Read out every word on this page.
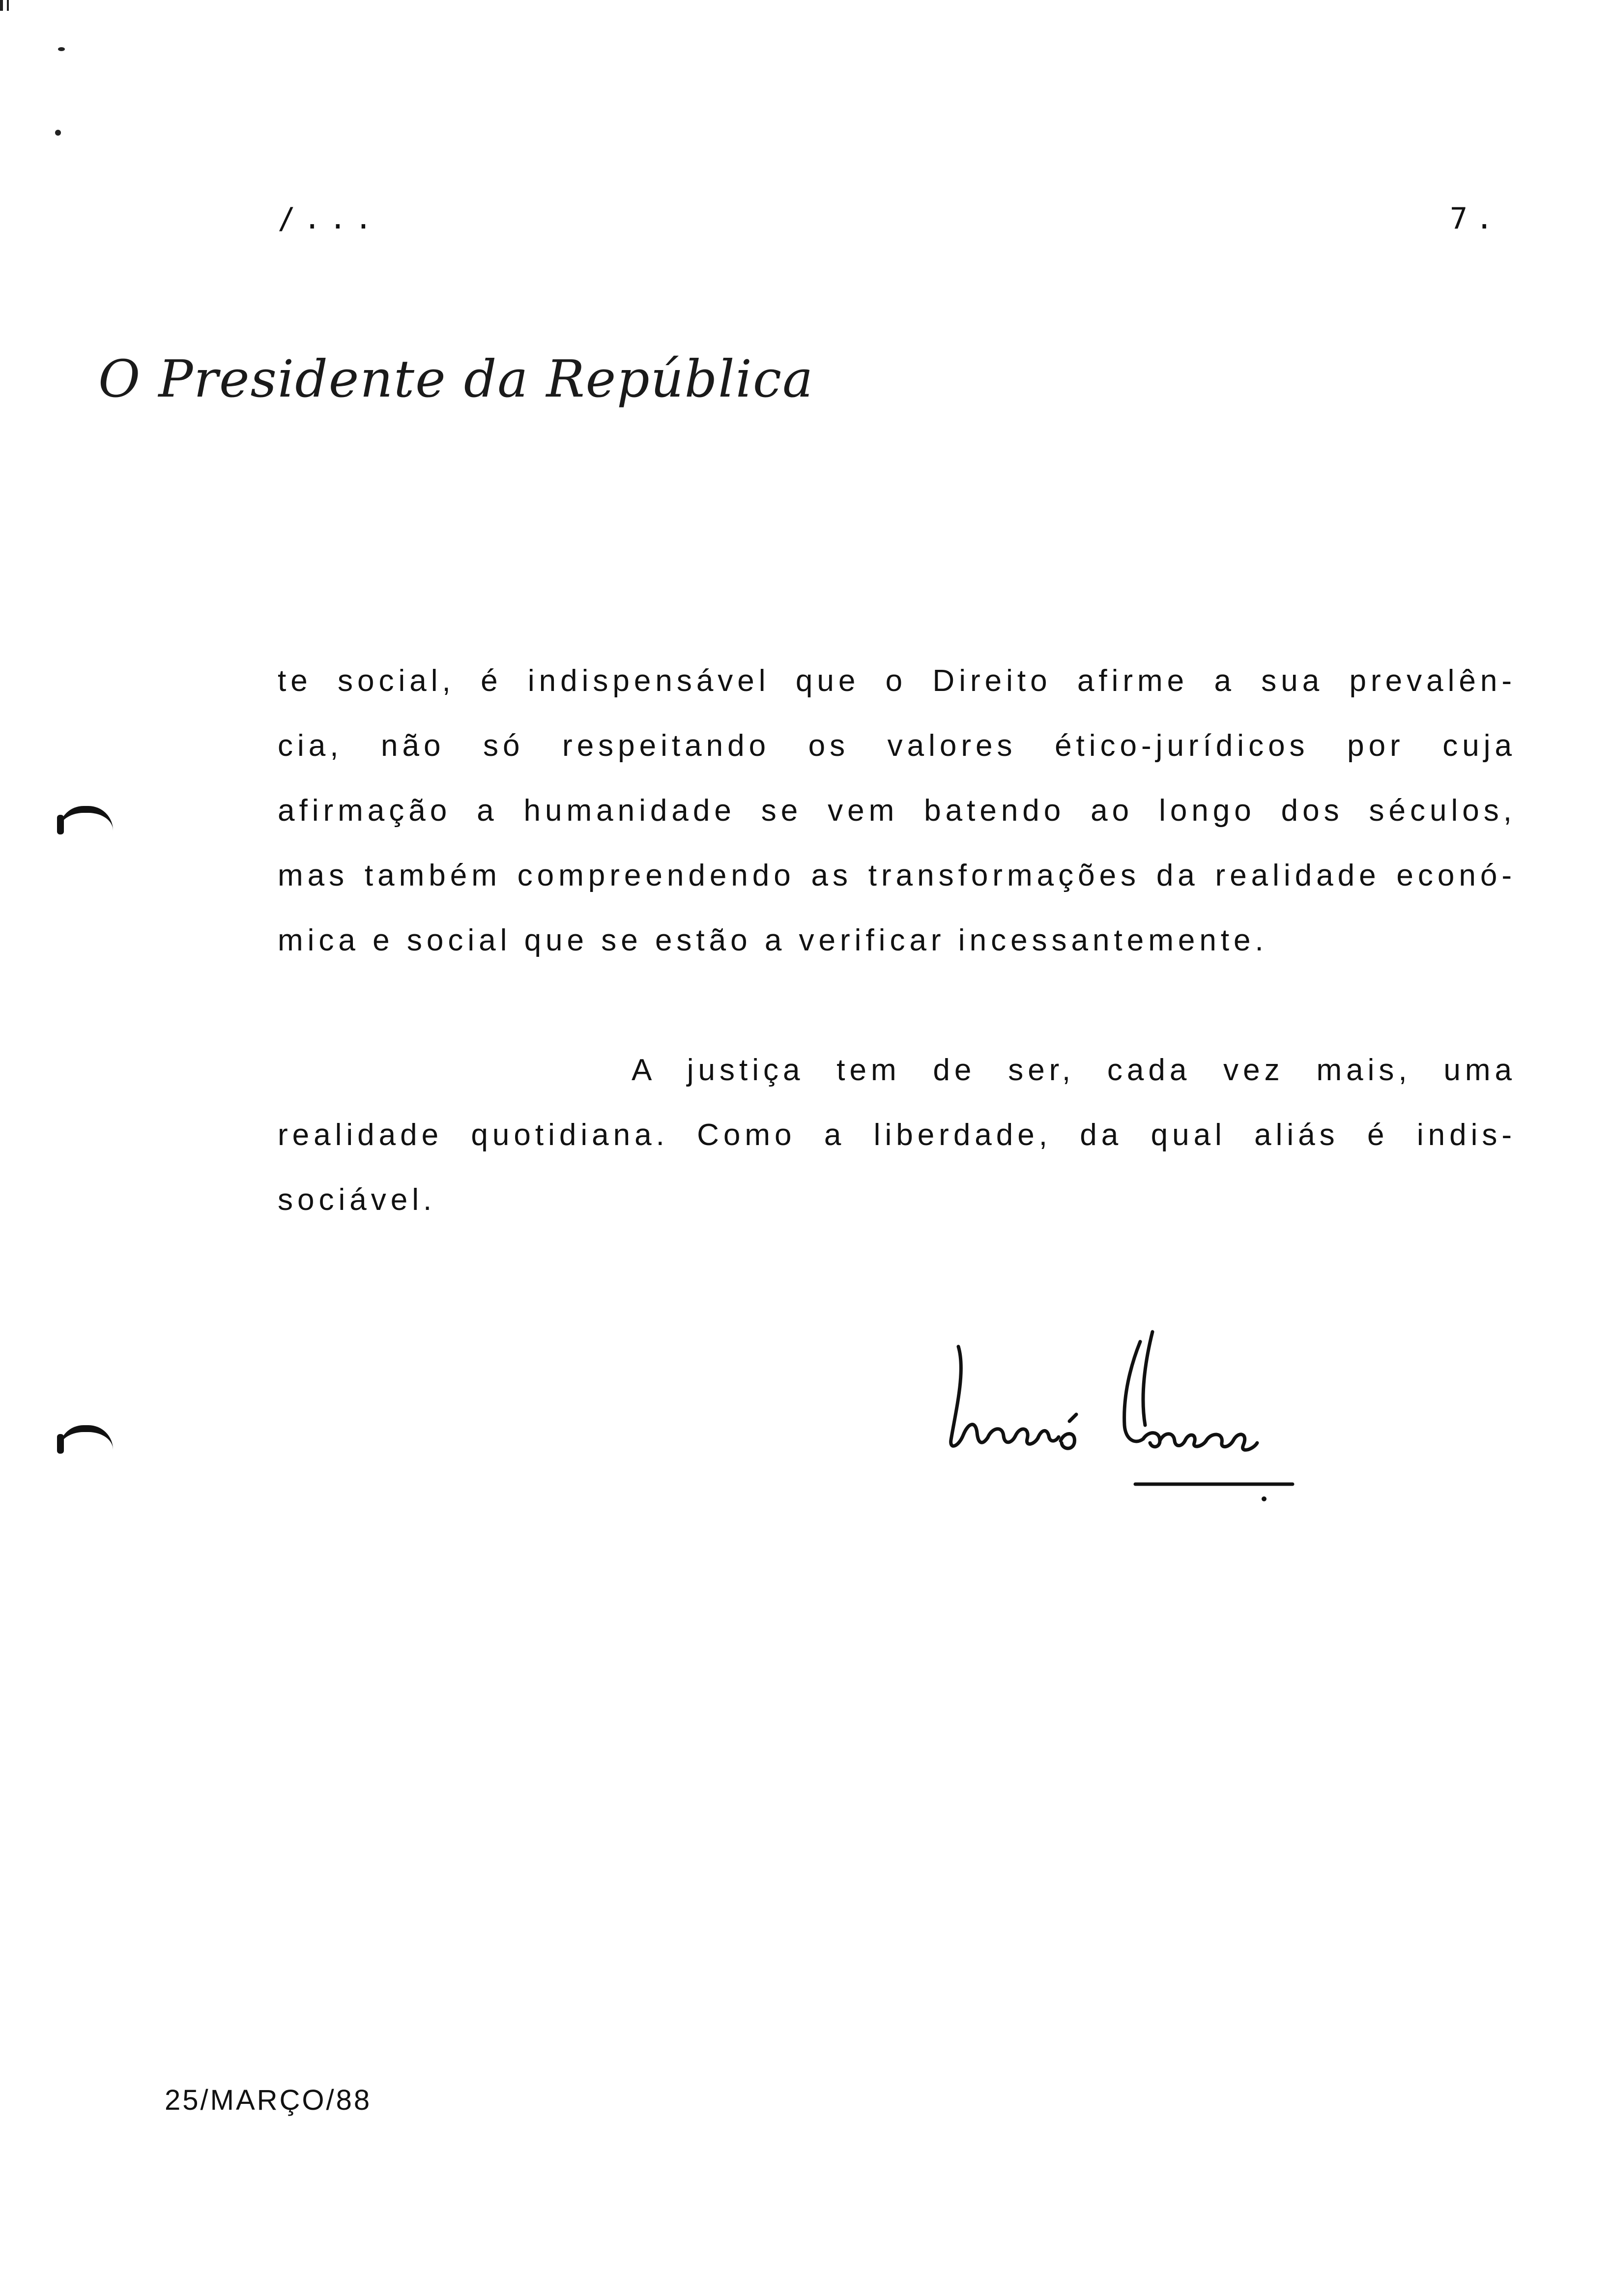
/...	7.
O Presidente da República
te social, é indispensável que o Direito afirme a sua prevalên-
cia, não só respeitando os valores ético-jurídicos por cuja
afirmação a humanidade se vem batendo ao longo dos séculos,
mas também compreendendo as transformações da realidade econó-
mica e social que se estão a verificar incessantemente.
A justiça tem de ser, cada vez mais, uma
realidade quotidiana. Como a liberdade, da qual aliás é indis-
sociável.
25/MARÇO/88
